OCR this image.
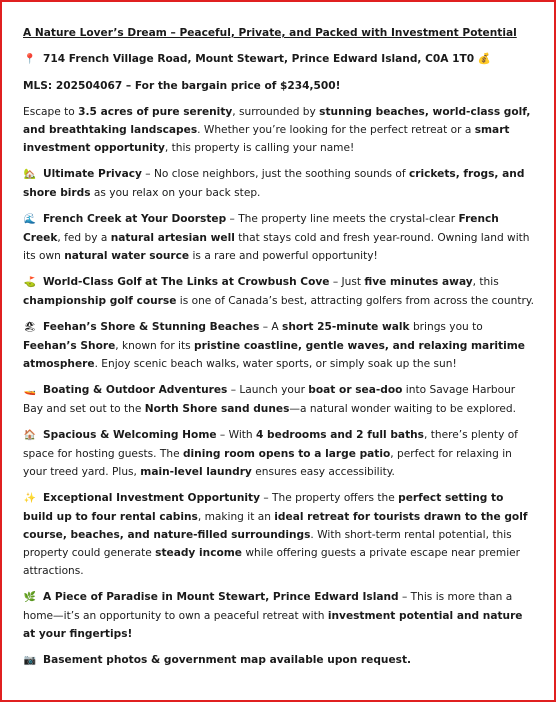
A Nature Lover’s Dream – Peaceful, Private, and Packed with Investment Potential
📍 714 French Village Road, Mount Stewart, Prince Edward Island, C0A 1T0 💰
MLS: 202504067 – For the bargain price of $234,500!

Escape to 3.5 acres of pure serenity, surrounded by stunning beaches, world-class golf, and breathtaking landscapes. Whether you’re looking for the perfect retreat or a smart investment opportunity, this property is calling your name!

🏡 Ultimate Privacy – No close neighbors, just the soothing sounds of crickets, frogs, and shore birds as you relax on your back step.

🌊 French Creek at Your Doorstep – The property line meets the crystal-clear French Creek, fed by a natural artesian well that stays cold and fresh year-round. Owning land with its own natural water source is a rare and powerful opportunity!

⛳ World-Class Golf at The Links at Crowbush Cove – Just five minutes away, this championship golf course is one of Canada’s best, attracting golfers from across the country.

🏖 Feehan’s Shore & Stunning Beaches – A short 25-minute walk brings you to Feehan’s Shore, known for its pristine coastline, gentle waves, and relaxing maritime atmosphere. Enjoy scenic beach walks, water sports, or simply soak up the sun!

🚤 Boating & Outdoor Adventures – Launch your boat or sea-doo into Savage Harbour Bay and set out to the North Shore sand dunes—a natural wonder waiting to be explored.

🏠 Spacious & Welcoming Home – With 4 bedrooms and 2 full baths, there’s plenty of space for hosting guests. The dining room opens to a large patio, perfect for relaxing in your treed yard. Plus, main-level laundry ensures easy accessibility.

✨ Exceptional Investment Opportunity – The property offers the perfect setting to build up to four rental cabins, making it an ideal retreat for tourists drawn to the golf course, beaches, and nature-filled surroundings. With short-term rental potential, this property could generate steady income while offering guests a private escape near premier attractions.

🌿 A Piece of Paradise in Mount Stewart, Prince Edward Island – This is more than a home—it’s an opportunity to own a peaceful retreat with investment potential and nature at your fingertips!

📷 Basement photos & government map available upon request.
